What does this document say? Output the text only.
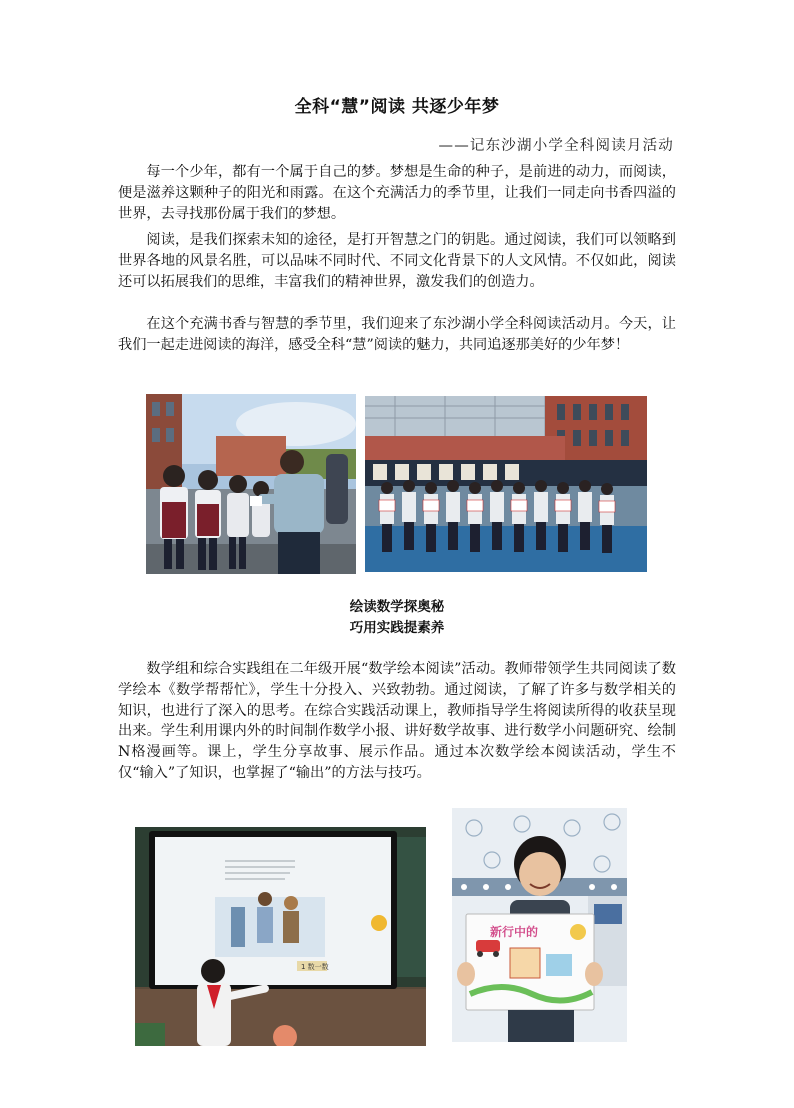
全科“慧”阅读 共逐少年梦
——记东沙湖小学全科阅读月活动

每一个少年，都有一个属于自己的梦。梦想是生命的种子，是前进的动力，而阅读，便是滋养这颗种子的阳光和雨露。在这个充满活力的季节里，让我们一同走向书香四溢的世界，去寻找那份属于我们的梦想。

阅读，是我们探索未知的途径，是打开智慧之门的钥匙。通过阅读，我们可以领略到世界各地的风景名胜，可以品味不同时代、不同文化背景下的人文风情。不仅如此，阅读还可以拓展我们的思维，丰富我们的精神世界，激发我们的创造力。

在这个充满书香与智慧的季节里，我们迎来了东沙湖小学全科阅读活动月。今天，让我们一起走进阅读的海洋，感受全科“慧”阅读的魅力，共同追逐那美好的少年梦！

绘读数学探奥秘
巧用实践提素养

数学组和综合实践组在二年级开展“数学绘本阅读”活动。教师带领学生共同阅读了数学绘本《数学帮帮忙》，学生十分投入、兴致勃勃。通过阅读，了解了许多与数学相关的知识，也进行了深入的思考。在综合实践活动课上，教师指导学生将阅读所得的收获呈现出来。学生利用课内外的时间制作数学小报、讲好数学故事、进行数学小问题研究、绘制N格漫画等。课上，学生分享故事、展示作品。通过本次数学绘本阅读活动，学生不仅“输入”了知识，也掌握了“输出”的方法与技巧。

1 数一数
新行中的
